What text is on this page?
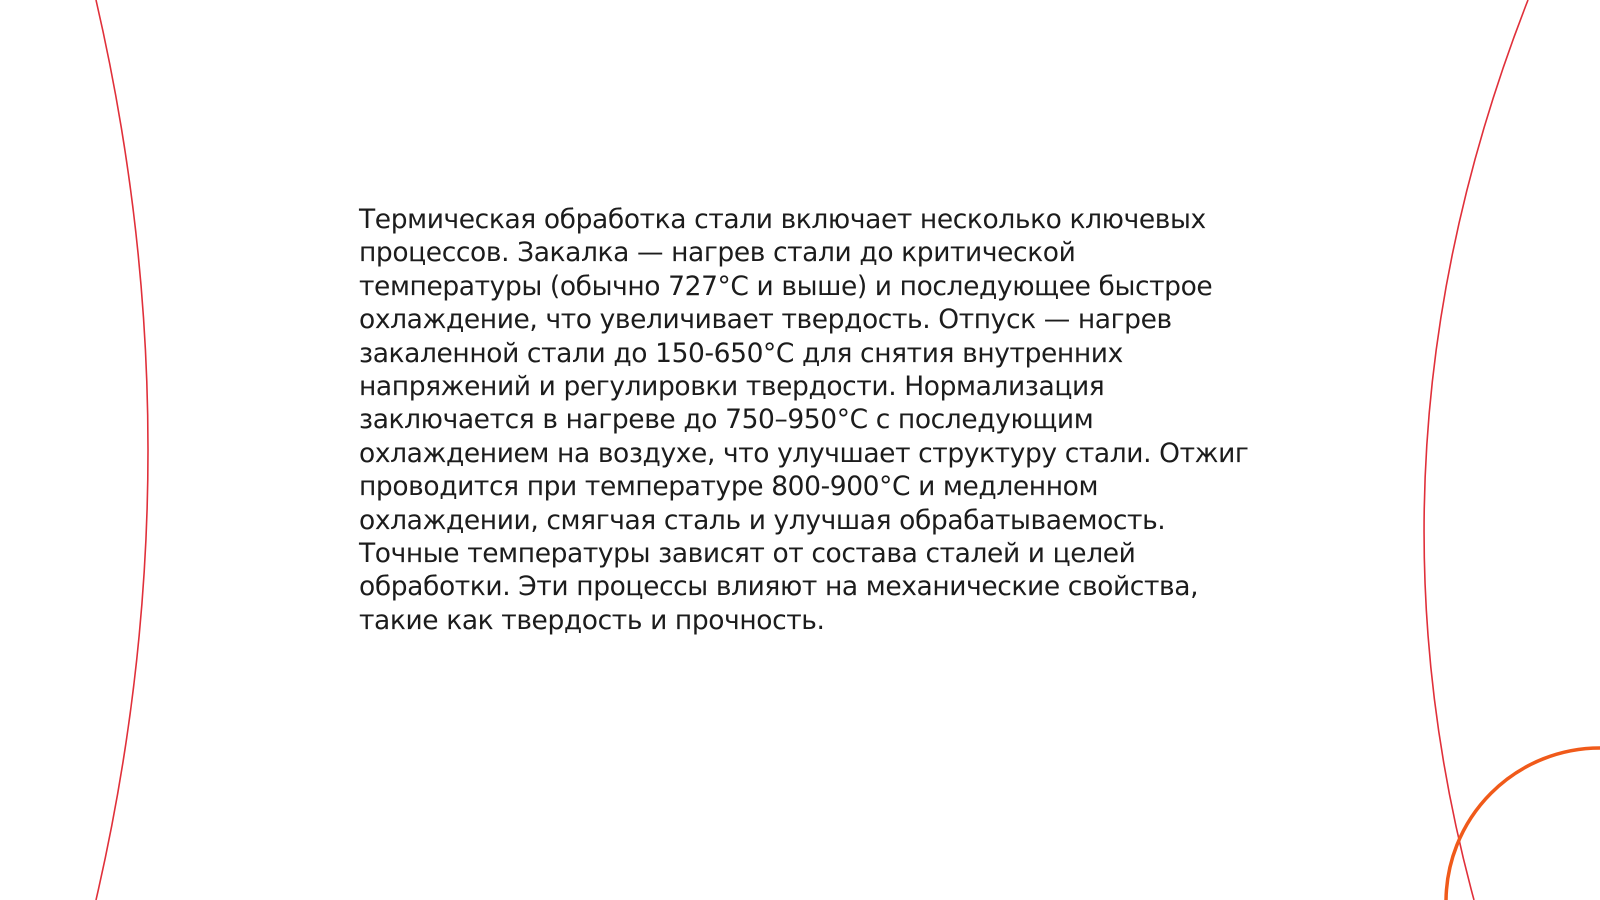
Термическая обработка стали включает несколько ключевых
процессов. Закалка — нагрев стали до критической
температуры (обычно 727°C и выше) и последующее быстрое
охлаждение, что увеличивает твердость. Отпуск — нагрев
закаленной стали до 150-650°C для снятия внутренних
напряжений и регулировки твердости. Нормализация
заключается в нагреве до 750–950°C с последующим
охлаждением на воздухе, что улучшает структуру стали. Отжиг
проводится при температуре 800-900°C и медленном
охлаждении, смягчая сталь и улучшая обрабатываемость.
Точные температуры зависят от состава сталей и целей
обработки. Эти процессы влияют на механические свойства,
такие как твердость и прочность.
